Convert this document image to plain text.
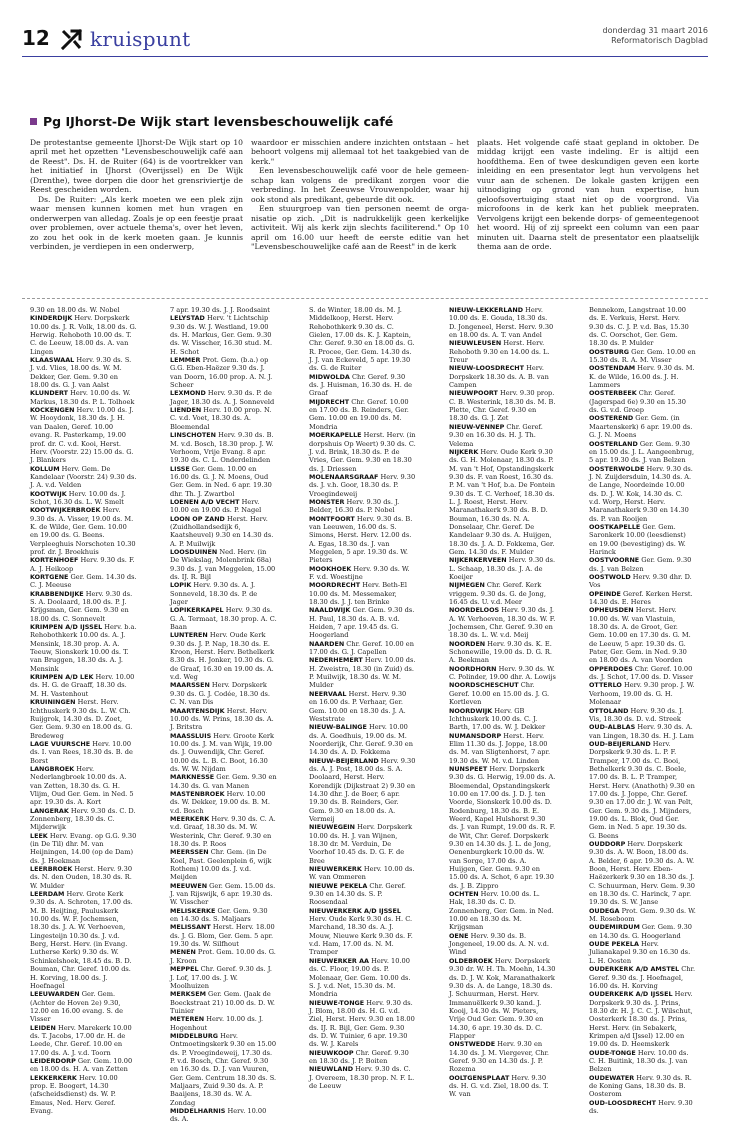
12 kruispunt	donderdag 31 maart 2016
Reformatorisch Dagblad
Pg IJhorst-De Wijk start levensbeschouwelijk café

De protestantse gemeente IJhorst-De Wijk start op 10 april met het opzetten "Levensbeschouwelijk café aan de Reest". Ds. H. de Ruiter (64) is de voortrekker van het initiatief in IJhorst (Overijssel) en De Wijk (Drenthe), twee dorpen die door het grensriviertje de Reest gescheiden worden.

Ds. De Ruiter: „Als kerk moeten we een plek zijn waar mensen kunnen komen met hun vragen en onderwerpen van alledag. Zoals je op een feestje praat over problemen, over actuele thema's, over het leven, zo zou het ook in de kerk moeten gaan. Je kunnis verbinden, je verdiepen in een onderwerp,

waardoor er misschien andere inzichten ontstaan – het behoort volgens mij allemaal tot het taakgebied van de kerk."

Een levensbeschouwelijk café voor de hele gemeenschap kan volgens de predikant zorgen voor die verbreding. In het Zeeuwse Vrouwenpolder, waar hij ook stond als predikant, gebeurde dit ook.

Een stuurgroep van tien personen neemt de organisatie op zich. „Dit is nadrukkelijk geen kerkelijke activiteit. Wij als kerk zijn slechts faciliterend." Op 10 april om 16.00 uur heeft de eerste editie van het "Levensbeschouwelijke café aan de Reest" in de kerk

plaats. Het volgende café staat gepland in oktober. De middag krijgt een vaste indeling. Er is altijd een hoofdthema. Een of twee deskundigen geven een korte inleiding en een presentator legt hun vervolgens het vuur aan de schenen. De lokale gasten krijgen een uitnodiging op grond van hun expertise, hun geloofsovertuiging staat niet op de voorgrond. Via microfoons in de kerk kan het publiek meepraten. Vervolgens krijgt een bekende dorps- of gemeentegenoot het woord. Hij of zij spreekt een column van een paar minuten uit. Daarna stelt de presentator een plaatselijk thema aan de orde.

9.30 en 18.00 ds. W. Nobel

KINDERDIJK Herv. Dorpskerk 10.00 ds. J. R. Volk, 18.00 ds. G. Herwig. Rehoboth 10.00 ds. T. C. de Leeuw, 18.00 ds. A. van Lingen

KLAASWAAL Herv. 9.30 ds. S. J. v.d. Vlies, 18.00 ds. W. M. Dekker, Ger. Gem. 9.30 en 18.00 ds. G. J. van Aalst

KLUNDERT Herv. 10.00 ds. W. Markus, 18.30 ds. P. L. Tolhoek

KOCKENGEN Herv. 10.00 ds. J. W. Hooydonk, 18.30 ds. J. H. van Daalen, Geref. 10.00 evang. R. Pasterkamp, 19.00 prof. dr. C. v.d. Kooi, Herst. Herv. (Voorstr. 22) 15.00 ds. G. J. Blankers

KOLLUM Herv. Gem. De Kandelaar (Voorstr. 24) 9.30 ds. J. A. v.d. Velden

KOOTWIJK Herv. 10.00 ds. J. Schot, 16.30 ds. L. W. Smelt

KOOTWIJKERBROEK Herv. 9.30 ds. A. Visser, 19.00 ds. M. K. de Wilde, Ger. Gem. 10.00 en 19.00 ds. G. Beens. Verpleeghuis Norschoten 10.30 prof. dr. J. Broekhuis

KORTENHOEF Herv. 9.30 ds. F. A. J. Heikoop

KORTGENE Ger. Gem. 14.30 ds. C. J. Meeuse

KRABBENDIJKE Herv. 9.30 ds. S. A. Doolaard, 18.00 ds. P. J. Krijgsman, Ger. Gem. 9.30 en 18.00 ds. C. Sonnevelt

KRIMPEN A/D IJSSEL Herv. b.a. Rehobothkerk 10.00 ds. A. J. Mensink, 18.30 prop. A. A. Teeuw, Sionskerk 10.00 ds. T. van Bruggen, 18.30 ds. A. J. Mensink

KRIMPEN A/D LEK Herv. 10.00 ds. H. G. de Graaff, 18.30 ds. M. H. Vastenhout

KRUININGEN Herst. Herv. Ichthuskerk 9.30 ds. L. W. Ch. Ruijgrok, 14.30 ds. D. Zoet, Ger. Gem. 9.30 en 18.00 ds. G. Bredeweg

LAGE VUURSCHE Herv. 10.00 ds. I. van Rees, 18.30 ds. B. de Borst

LANGBROEK Herv. Nederlangbroek 10.00 ds. A. van Zetten, 18.30 ds. G. H. Vlijm, Oud Ger. Gem. in Ned. 5 apr. 19.30 ds. A. Kort

LANGERAK Herv. 9.30 ds. C. D. Zonnenberg, 18.30 ds. C. Mijderwijk

LEEK Herv. Evang. op G.G. 9.30 (in De Til) dhr. M. van Heijningen, 14.00 (op de Dam) ds. J. Hoekman

LEERBROEK Herst. Herv. 9.30 ds. N. den Ouden, 18.30 ds. R. W. Mulder

LEERDAM Herv. Grote Kerk 9.30 ds. A. Schroten, 17.00 ds. M. B. Heijting, Pauluskerk 10.00 ds. W. F. Jochemsen, 18.30 ds. J. A. W. Verhoeven, Lingesteijn 10.30 ds. J. v.d. Berg, Herst. Herv. (in Evang. Lutherse Kerk) 9.30 ds. W. Schinkelshoek, 18.45 ds. B. D. Bouman, Chr. Geref. 10.00 ds. H. Korving, 18.00 ds. J. Hoefnagel

LEEUWARDEN Ger. Gem. (Achter de Hoven 2e) 9.30, 12.00 en 16.00 evang. S. de Visser

LEIDEN Herv. Marekerk 10.00 ds. T. Jacobs, 17.00 dr. H. de Leede, Chr. Geref. 10.00 en 17.00 ds. A. J. v.d. Toorn

LEIDERDORP Ger. Gem. 10.00 en 18.00 ds. H. A. van Zetten

LEKKERKERK Herv. 10.00 prop. E. Boogert, 14.30 (afscheidsdienst) ds. W. P. Emaus, Ned. Herv. Geref. Evang.

7 apr. 19.30 ds. J. J. Roodsaint

LELYSTAD Herv. 't Lichtschip 9.30 ds. W. J. Westland, 19.00 ds. H. Markus, Ger. Gem. 9.30 ds. W. Visscher, 16.30 stud. M. H. Schot

LEMMER Prot. Gem. (b.a.) op G.G. Eben-Haëzer 9.30 ds. J. van Doorn, 16.00 prop. A. N. J. Scheer

LEXMOND Herv. 9.30 ds. P. de Jager, 18.30 ds. A. J. Sonneveld

LIENDEN Herv. 10.00 prop. N. C. v.d. Voet, 18.30 ds. A. Bloemendal

LINSCHOTEN Herv. 9.30 ds. B. M. v.d. Bosch, 18.30 prop. J. W. Verhoom, Vrije Evang. 8 apr. 19.30 ds. C. L. Onderdelinden

LISSE Ger. Gem. 10.00 en 16.00 ds. G. J. N. Moens, Oud Ger. Gem. in Ned. 6 apr. 19.30 dhr. Th. J. Zwartbol

LOENEN A/D VECHT Herv. 10.00 en 19.00 ds. P. Nagel

LOON OP ZAND Herst. Herv. (Zuidhollandsedijk 6, Kaatsheuvel) 9.30 en 14.30 ds. A. P. Muilwijk

LOOSDUINEN Ned. Herv. (in De Wiekslag, Molenbrink 68a) 9.30 ds. J. van Meggelen, 15.00 ds. IJ. R. Bijl

LOPIK Herv. 9.30 ds. A. J. Sonneveld, 18.30 ds. P. de Jager

LOPIKERKAPEL Herv. 9.30 ds. G. A. Termaat, 18.30 prop. A. C. Baan

LUNTEREN Herv. Oude Kerk 9.30 ds. J. P. Nap, 18.30 ds. E. Kroon, Herst. Herv. Bethelkerk 8.30 ds. H. Jonker, 10.30 ds. G. de Graaf, 16.30 en 19.00 ds. A. v.d. Weg

MAARSSEN Herv. Dorpskerk 9.30 ds. G. J. Codée, 18.30 ds. C. N. van Dis

MAARTENSDIJK Herst. Herv. 10.00 ds. W. Prins, 18.30 ds. A. J. Britstra

MAASSLUIS Herv. Groote Kerk 10.00 ds. J. M. van Wijk, 19.00 ds. J. Ouwendijk, Chr. Geref. 10.00 ds. L. B. C. Boot, 16.30 ds. W. W. Nijdam

MARKNESSE Ger. Gem. 9.30 en 14.30 ds. G. van Manen

MASTENBROEK Herv. 10.00 ds. W. Dekker, 19.00 ds. B. M. v.d. Bosch

MEERKERK Herv. 9.30 ds. C. A. v.d. Graaf, 18.30 ds. M. W. Westerink, Chr. Geref. 9.30 en 18.30 ds. P. Roos

MEERSSEN Chr. Gem. (in De Koel, Past. Geelenplein 6, wijk Rothem) 10.00 ds. J. v.d. Meijden

MEEUWEN Ger. Gem. 15.00 ds. J. van Rijswijk, 6 apr. 19.30 ds. W. Visscher

MELISKERKE Ger. Gem. 9.30 en 14.30 ds. S. Maljaars

MELISSANT Herst. Herv. 18.00 ds. J. G. Blom, Ger. Gem. 5 apr. 19.30 ds. W. Silfhout

MENEN Prot. Gem. 10.00 ds. G. J. Kroon

MEPPEL Chr. Geref. 9.30 ds. J. J. Lof, 17.00 ds. J. W. Moolhuizen

MERKSEM Ger. Gem. (Jaak de Boeckstraat 21) 10.00 ds. D. W. Tuinier

METEREN Herv. 10.00 ds. J. Hogenhout

MIDDELBURG Herv. Ontmoetingskerk 9.30 en 15.00 ds. P. Vroegindeweij, 17.30 ds. P. v.d. Bosch, Chr. Geref. 9.30 en 16.30 ds. D. J. van Vuuren, Ger. Gem. Centrum 18.30 ds. S. Maljaars, Zuid 9.30 ds. A. P. Baaijens, 18.30 ds. W. A. Zondag

MIDDELHARNIS Herv. 10.00 ds. A.

S. de Winter, 18.00 ds. M. J. Middelkoop, Herst. Herv. Rehobothkerk 9.30 ds. C. Gielen, 17.00 ds. K. J. Kaptein, Chr. Geref. 9.30 en 18.00 ds. G. R. Procee, Ger. Gem. 14.30 ds. J. J. van Eckeveld, 5 apr. 19.30 ds. G. de Ruiter

MIDWOLDA Chr. Geref. 9.30 ds. J. Huisman, 16.30 ds. H. de Graaf

MIJDRECHT Chr. Geref. 10.00 en 17.00 ds. B. Reinders, Ger. Gem. 10.00 en 19.00 ds. M. Mondria

MOERKAPELLE Herst. Herv. (in dorpshuis Op Weert) 9.30 ds. C. J. v.d. Brink, 18.30 ds. P. de Vries, Ger. Gem. 9.30 en 18.30 ds. J. Driessen

MOLENAARSGRAAF Herv. 9.30 ds. J. v.h. Goor, 18.30 ds. P. Vroegindeweij

MONSTER Herv. 9.30 ds. J. Belder, 16.30 ds. P. Nobel

MONTFOORT Herv. 9.30 ds. B. van Leeuwen, 16.00 ds. S. Simons, Herst. Herv. 12.00 ds. A. Egas, 18.30 ds. J. van Meggelen, 5 apr. 19.30 ds. W. Pieters

MOOKHOEK Herv. 9.30 ds. W. F. v.d. Woestijne

MOORDRECHT Herv. Beth-El 10.00 ds. M. Messemaker, 18.30 ds. J. J. ten Brinke

NAALDWIJK Ger. Gem. 9.30 ds. H. Paul, 18.30 ds. A. B. v.d. Heiden, 7 apr. 19.45 ds. G. Hoogerland

NAARDEN Chr. Geref. 10.00 en 17.00 ds. G. J. Capellen

NEDERHEMERT Herv. 10.00 ds. H. Zweistra, 18.30 (in Zuid) ds. P. Muilwijk, 18.30 ds. W. M. Mulder

NEERVAAL Herst. Herv. 9.30 en 16.00 ds. P. Verhaar, Ger. Gem. 10.00 en 18.30 ds. J. A. Weststrate

NIEUW-BALINGE Herv. 10.00 ds. A. Goedhuis, 19.00 ds. M. Noorderijk, Chr. Geref. 9.30 en 14.30 ds. A. D. Fokkema

NIEUW-BEIJERLAND Herv. 9.30 ds. A. J. Post, 18.00 ds. S. A. Doolaard, Herst. Herv. Korendijk (Dijkstraat 2) 9.30 en 14.30 dhr. J. de Boer, 6 apr. 19.30 ds. B. Reinders, Ger. Gem. 9.30 en 18.00 ds. A. Vermeij

NIEUWEGEIN Herv. Dorpskerk 10.00 ds. H. J. van Wijnen, 18.30 dr. M. Verduin, De Voorhof 10.45 ds. D. G. F. de Bree

NIEUWERKERK Herv. 10.00 ds. W. van Ommeren

NIEUWE PEKELA Chr. Geref. 9.30 en 14.30 ds. S. P. Roosendaal

NIEUWERKERK A/D IJSSEL Herv. Oude Kerk 9.30 ds. H. C. Marchand, 18.30 ds. A. J. Mouw, Nieuwe Kerk 9.30 ds. F. v.d. Ham, 17.00 ds. N. M. Tramper

NIEUWERKER AA Herv. 10.00 ds. C. Floor, 19.00 ds. P. Molenaar, Ger. Gem. 10.00 ds. S. J. v.d. Net, 15.30 ds. M. Mondria

NIEUWE-TONGE Herv. 9.30 ds. J. Blom, 18.00 ds. H. G. v.d. Ziel, Herst. Herv. 9.30 en 18.00 ds. IJ. R. Bijl, Ger. Gem. 9.30 ds. D. W. Tuinier, 6 apr. 19.30 ds. W. J. Karels

NIEUWKOOP Chr. Geref. 9.30 en 18.30 ds. J. P. Boiten

NIEUWLAND Herv. 9.30 ds. C. J. Overeem, 18.30 prop. N. F. L. de Leeuw

NIEUW-LEKKERLAND Herv. 10.00 ds. E. Gouda, 18.30 ds. D. Jongeneel, Herst. Herv. 9.30 en 18.00 ds. A. T. van Andel

NIEUWLEUSEN Herst. Herv. Rehoboth 9.30 en 14.00 ds. L. Treur

NIEUW-LOOSDRECHT Herv. Dorpskerk 18.30 ds. A. B. van Campen

NIEUWPOORT Herv. 9.30 prop. C. B. Westerink, 18.30 ds. M. B. Plette, Chr. Geref. 9.30 en 18.30 ds. G. J. Zet

NIEUW-VENNEP Chr. Geref. 9.30 en 16.30 ds. H. J. Th. Velema

NIJKERK Herv. Oude Kerk 9.30 ds. G. H. Molenaar, 18.30 ds. P. M. van 't Hof, Opstandingskerk 9.30 ds. F. van Roest, 16.30 ds. P. M. van 't Hof, b.a. De Fontein 9.30 ds. T. C. Verhoef, 18.30 ds. L. J. Roest, Herst. Herv. Maranathakerk 9.30 ds. B. D. Bouman, 16.30 ds. N. A. Donselaar, Chr. Geref. De Kandelaar 9.30 ds. A. Huijgen, 18.30 ds. J. A. D. Fokkema, Ger. Gem. 14.30 ds. F. Mulder

NIJKERKERVEEN Herv. 9.30 ds. L. Schaap, 18.30 ds. J. A. de Koeijer

NIJMEGEN Chr. Geref. Kerk vriggem. 9.30 ds. G. de Jong, 16.45 ds. U. v.d. Meer

NOORDELOOS Herv. 9.30 ds. J. A. W. Verhoeven, 18.30 ds. W. F. Jochemsen, Chr. Geref. 9.30 en 18.30 ds. L. W. v.d. Meij

NOORDEN Herv. 9.30 ds. K. E. Schonewille, 19.00 ds. D. G. R. A. Beekman

NOORDHORN Herv. 9.30 ds. W. C. Polinder, 19.00 dhr. A. Lowijs

NOORDSCHESCHUT Chr. Geref. 10.00 en 15.00 ds. J. G. Kortleven

NOORDWIJK Herv. GB Ichthuskerk 10.00 ds. C. J. Barth, 17.00 ds. W. J. Dekker

NUMANSDORP Herst. Herv. Elim 11.30 ds. J. Joppe, 18.00 ds. M. van Sligtenhorst, 7 apr. 19.30 ds. W. M. v.d. Linden

NUNSPEET Herv. Dorpskerk 9.30 ds. G. Herwig, 19.00 ds. A. Bloemendal, Opstandingskerk 10.00 en 17.00 ds. J. D. J. ten Voorde, Sionskerk 10.00 ds. D. Rodenburg, 18.30 ds. B. E. Weerd, Kapel Hulshorst 9.30 ds. J. van Rumpt, 19.00 ds. R. F. de Wit, Chr. Geref. Dorpskerk 9.30 en 14.30 ds. J. L. de Jong, Oenenburgkerk 10.00 ds. W. van Sorge, 17.00 ds. A. Huijgen, Ger. Gem. 9.30 en 15.00 ds. A. Schot, 6 apr. 19.30 ds. J. B. Zippro

OCHTEN Herv. 10.00 ds. L. Hak, 18.30 ds. C. D. Zonnenberg, Ger. Gem. in Ned. 10.00 en 18.30 ds. M. Krijgsman

OENE Herv. 9.30 ds. B. Jongeneel, 19.00 ds. A. N. v.d. Wind

OLDEBROEK Herv. Dorpskerk 9.30 dr. W. H. Th. Moehn, 14.30 ds. D. J. W. Kok, Maranathakerk 9.30 ds. A. de Lange, 18.30 ds. J. Schuurman, Herst. Herv. Immanuëlkerk 9.30 kand. J. Kooij, 14.30 ds. W. Pieters, Vrije Oud Ger. Gem. 9.30 en 14.30, 6 apr. 19.30 ds. D. C. Flapper

ONSTWEDDE Herv. 9.30 en 14.30 ds. J. M. Viergever, Chr. Geref. 9.30 en 14.30 ds. J. P. Rozema

OOLTGENSPLAAT Herv. 9.30 ds. H. G. v.d. Ziel, 18.00 ds. T. W. van

Bennekom, Langstraat 10.00 ds. E. Verkuis, Herst. Herv. 9.30 ds. C. J. P. v.d. Bas, 15.30 ds. C. Oorschot, Ger. Gem. 18.30 ds. P. Mulder

OOSTBURG Ger. Gem. 10.00 en 15.30 ds. R. A. M. Visser

OOSTENDAM Herv. 9.30 ds. M. K. de Wilde, 16.00 ds. J. H. Lammers

OOSTERBEEK Chr. Geref. (Jagerspad 6e) 9.30 en 15.30 ds. G. v.d. Groep

OOSTEREND Ger. Gem. (in Maartenskerk) 6 apr. 19.00 ds. G. J. N. Moens

OOSTERLAND Ger. Gem. 9.30 en 15.00 ds. J. L. Aangeenbrug, 5 apr. 19.30 ds. J. van Belzen

OOSTERWOLDE Herv. 9.30 ds. J. N. Zuijdersduin, 14.30 ds. A. de Lange, Noordeinde 10.00 ds. D. J. W. Kok, 14.30 ds. C. v.d. Worp, Herst. Herv. Maranathakerk 9.30 en 14.30 ds. P. van Rooijen

OOSTKAPELLE Ger. Gem. Saronkerk 10.00 (leesdienst) en 19.00 (bevestiging) ds. W. Harinck

OOSTVOORNE Ger. Gem. 9.30 ds. J. van Belzen

OOSTWOLD Herv. 9.30 dhr. D. Vos

OPEINDE Geref. Kerken Herst. 14.30 ds. E. Heres

OPHEUSDEN Herst. Herv. 10.00 ds. W. van Vlastuin, 18.30 ds. A. de Groot, Ger. Gem. 10.00 en 17.30 ds. G. M. de Leeuw, 5 apr. 19.30 ds. G. Pater, Ger. Gem. in Ned. 9.30 en 18.00 ds. A. van Voorden

OPPERDOES Chr. Geref. 10.00 ds. J. Schot, 17.00 ds. D. Visser

OTTERLO Herv. 9.30 prop. J. W. Verhoom, 19.00 ds. G. H. Molenaar

OTTOLAND Herv. 9.30 ds. J. Vis, 18.30 ds. D. v.d. Streek

OUD-ALBLAS Herv. 9.30 ds. A. van Lingen, 18.30 ds. H. J. Lam

OUD-BEIJERLAND Herv. Dorpskerk 9.30 ds. L. P. F. Tramper, 17.00 ds. C. Booi, Bethelkerk 9.30 ds. C. Boele, 17.00 ds. B. L. P. Tramper, Herst. Herv. (Anathoth) 9.30 en 17.00 ds. J. Joppe, Chr. Geref. 9.30 en 17.00 dr. J. W. van Pelt, Ger. Gem. 9.30 ds. J. Mijnders, 19.00 ds. L. Blok, Oud Ger. Gem. in Ned. 5 apr. 19.30 ds. G. Beens

OUDDORP Herv. Dorpskerk 9.30 ds. A. W. Boon, 18.00 ds. A. Belder, 6 apr. 19.30 ds. A. W. Boon, Herst. Herv. Eben-Haëzerkerk 9.30 en 18.30 ds. J. C. Schuurman, Herv. Gem. 9.30 en 18.30 ds. C. Harinck, 7 apr. 19.30 ds. S. W. Janse

OUDEGA Prot. Gem. 9.30 ds. W. M. Roseboom

OUDEMIRDUM Ger. Gem. 9.30 en 14.30 ds. G. Hoogerland

OUDE PEKELA Herv. Julianakapel 9.30 en 16.30 ds. L. H. Oosten

OUDERKERK A/D AMSTEL Chr. Geref. 9.30 ds. J. Hoefnagel, 16.00 ds. H. Korving

OUDERKERK A/D IJSSEL Herv. Dorpskerk 9.30 ds. J. Prins, 18.30 dr. H. J. C. C. J. Wilschut, Oosterkerk 18.30 ds. J. Prins, Herst. Herv. (in Sebakerk, Krimpen a/d IJssel) 12.00 en 19.00 ds. D. Heemskerk

OUDE-TONGE Herv. 10.00 ds. C. H. Buitink, 18.30 ds. J. van Belzen

OUDEWATER Herv. 9.30 ds. R. de Koning Gans, 18.30 ds. B. Oosterom

OUD-LOOSDRECHT Herv. 9.30 ds.
